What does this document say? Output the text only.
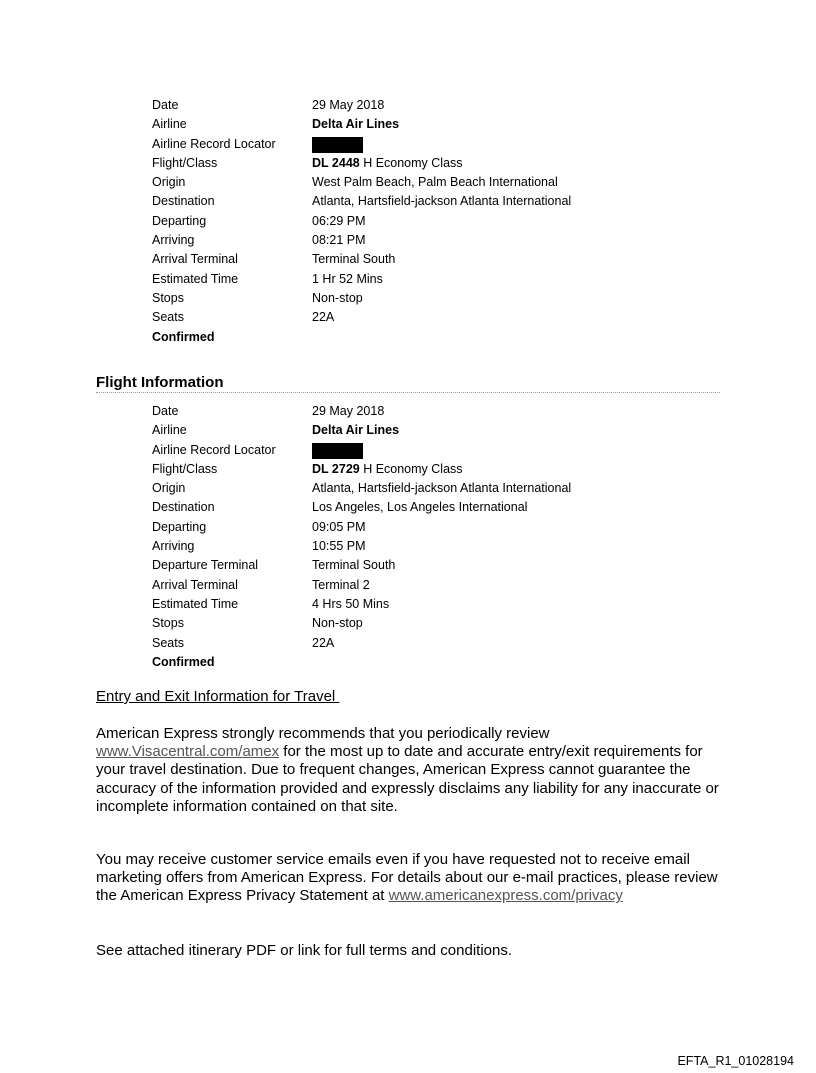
Date	29 May 2018
Airline	Delta Air Lines
Airline Record Locator
Flight/Class	DL 2448 H Economy Class
Origin	West Palm Beach, Palm Beach International
Destination	Atlanta, Hartsfield-jackson Atlanta International
Departing	06:29 PM
Arriving	08:21 PM
Arrival Terminal	Terminal South
Estimated Time	1 Hr 52 Mins
Stops	Non-stop
Seats	22A
Confirmed
Flight Information
Date	29 May 2018
Airline	Delta Air Lines
Airline Record Locator
Flight/Class	DL 2729 H Economy Class
Origin	Atlanta, Hartsfield-jackson Atlanta International
Destination	Los Angeles, Los Angeles International
Departing	09:05 PM
Arriving	10:55 PM
Departure Terminal	Terminal South
Arrival Terminal	Terminal 2
Estimated Time	4 Hrs 50 Mins
Stops	Non-stop
Seats	22A
Confirmed
Entry and Exit Information for Travel
American Express strongly recommends that you periodically review www.Visacentral.com/amex for the most up to date and accurate entry/exit requirements for your travel destination. Due to frequent changes, American Express cannot guarantee the accuracy of the information provided and expressly disclaims any liability for any inaccurate or incomplete information contained on that site.
You may receive customer service emails even if you have requested not to receive email marketing offers from American Express. For details about our e-mail practices, please review the American Express Privacy Statement at www.americanexpress.com/privacy
See attached itinerary PDF or link for full terms and conditions.
EFTA_R1_01028194
